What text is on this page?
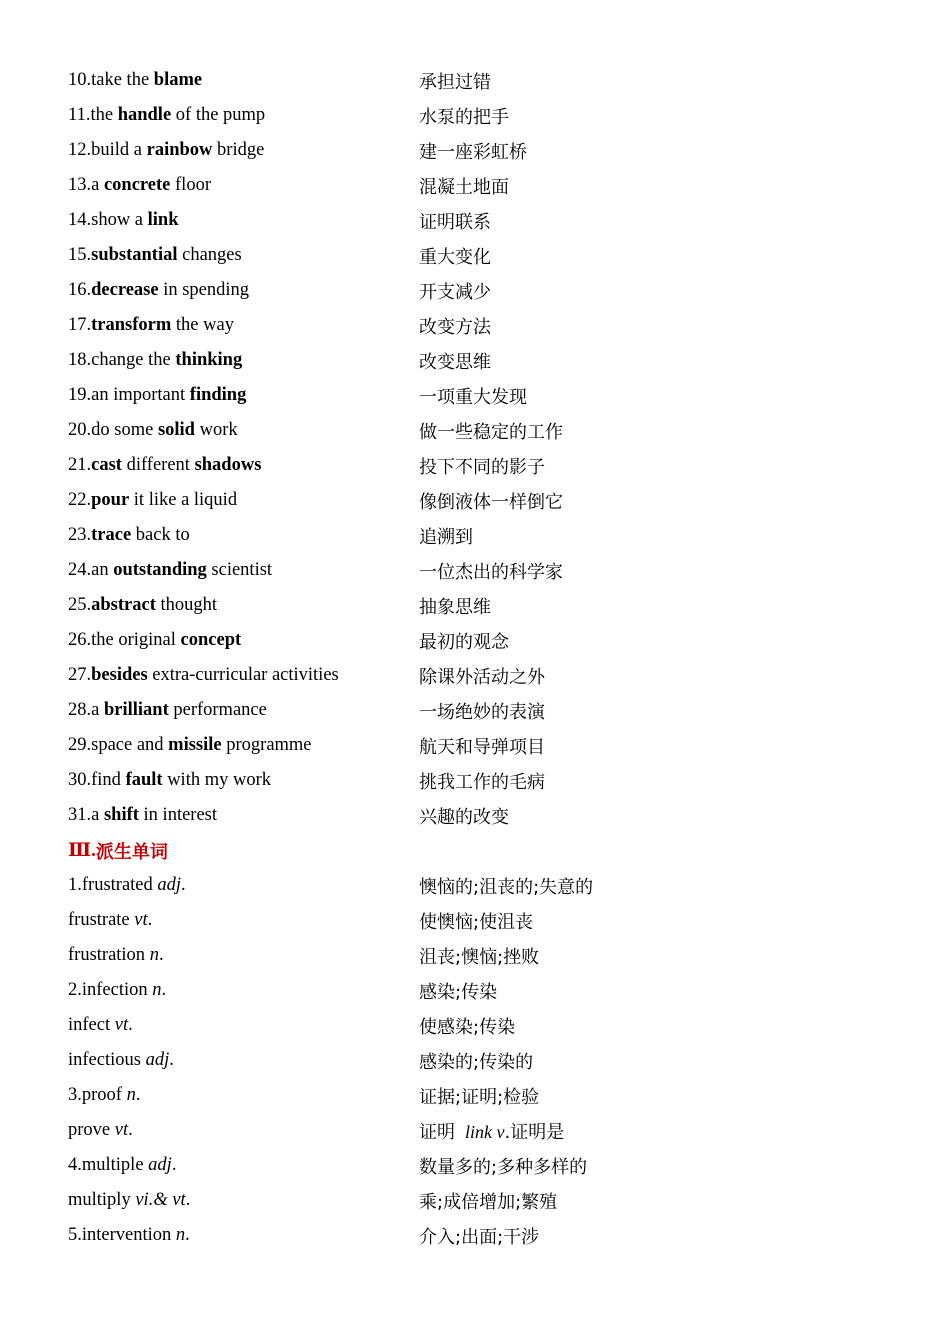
10.take the blame	承担过错
11.the handle of the pump	水泵的把手
12.build a rainbow bridge	建一座彩虹桥
13.a concrete floor	混凝土地面
14.show a link	证明联系
15.substantial changes	重大变化
16.decrease in spending	开支减少
17.transform the way	改变方法
18.change the thinking	改变思维
19.an important finding	一项重大发现
20.do some solid work	做一些稳定的工作
21.cast different shadows	投下不同的影子
22.pour it like a liquid	像倒液体一样倒它
23.trace back to	追溯到
24.an outstanding scientist	一位杰出的科学家
25.abstract thought	抽象思维
26.the original concept	最初的观念
27.besides extra-curricular activities	除课外活动之外
28.a brilliant performance	一场绝妙的表演
29.space and missile programme	航天和导弹项目
30.find fault with my work	挑我工作的毛病
31.a shift in interest	兴趣的改变
Ⅲ. 派生单词
1.frustrated adj.	懊恼的;沮丧的;失意的
frustrate vt.	使懊恼;使沮丧
frustration n.	沮丧;懊恼;挫败
2.infection n.	感染;传染
infect vt.	使感染;传染
infectious adj.	感染的;传染的
3.proof n.	证据;证明;检验
prove vt.	证明 link v.证明是
4.multiple adj.	数量多的;多种多样的
multiply vi.& vt.	乘;成倍增加;繁殖
5.intervention n.	介入;出面;干涉
